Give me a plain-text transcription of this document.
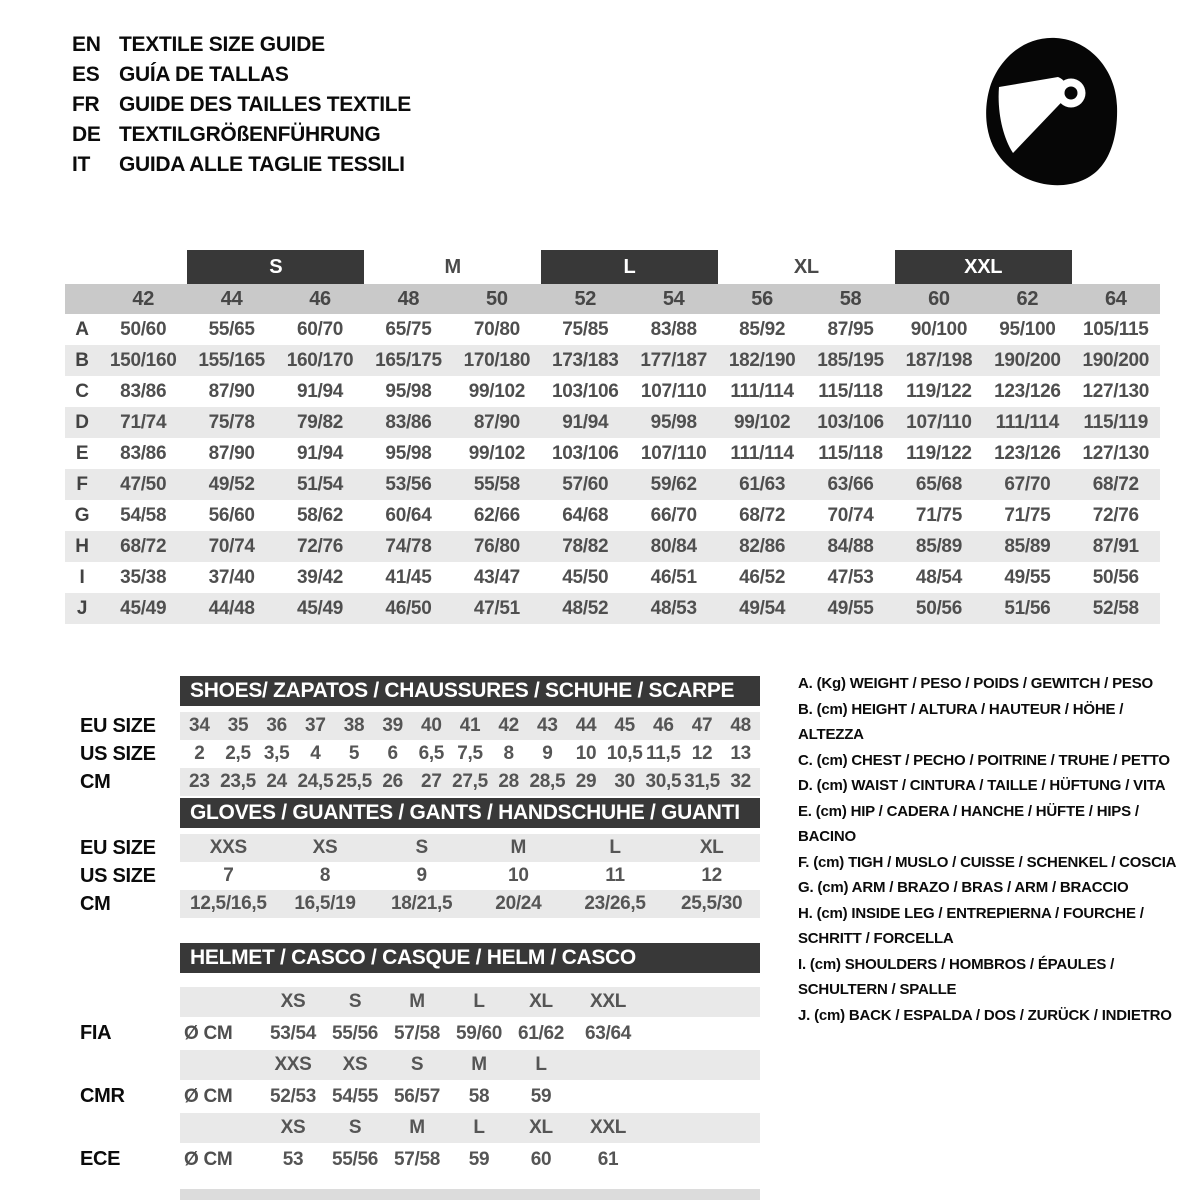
EN TEXTILE SIZE GUIDE
ES GUÍA DE TALLAS
FR GUIDE DES TAILLES TEXTILE
DE TEXTILGRÖßENFÜHRUNG
IT	GUIDA ALLE TAGLIE TESSILI
S	M	L	XL	XXL
42	44	46	48	50	52	54	56	58	60	62	64
A	50/60	55/65	60/70	65/75	70/80	75/85	83/88	85/92	87/95	90/100	95/100	105/115
B	150/160	155/165	160/170	165/175	170/180	173/183	177/187	182/190	185/195	187/198	190/200	190/200
C	83/86	87/90	91/94	95/98	99/102	103/106	107/110	111/114	115/118	119/122	123/126	127/130
D	71/74	75/78	79/82	83/86	87/90	91/94	95/98	99/102	103/106	107/110	111/114	115/119
E	83/86	87/90	91/94	95/98	99/102	103/106	107/110	111/114	115/118	119/122	123/126	127/130
F	47/50	49/52	51/54	53/56	55/58	57/60	59/62	61/63	63/66	65/68	67/70	68/72
G	54/58	56/60	58/62	60/64	62/66	64/68	66/70	68/72	70/74	71/75	71/75	72/76
H	68/72	70/74	72/76	74/78	76/80	78/82	80/84	82/86	84/88	85/89	85/89	87/91
I	35/38	37/40	39/42	41/45	43/47	45/50	46/51	46/52	47/53	48/54	49/55	50/56
J	45/49	44/48	45/49	46/50	47/51	48/52	48/53	49/54	49/55	50/56	51/56	52/58
SHOES/ ZAPATOS / CHAUSSURES / SCHUHE / SCARPE
EU SIZE	34 35 36 37 38 39 40 41 42 43 44 45 46 47 48
US SIZE	2	2,5 3,5	4	5	6	6,5 7,5	8	9	10 10,5 11,5 12 13
CM	23 23,5 24 24,5 25,5 26 27 27,5 28 28,5 29 30 30,5 31,5 32
GLOVES / GUANTES / GANTS / HANDSCHUHE / GUANTI
EU SIZE	XXS	XS	S	M	L	XL
US SIZE	7	8	9	10	11	12
CM	12,5/16,5	16,5/19	18/21,5	20/24	23/26,5	25,5/30
HELMET / CASCO / CASQUE / HELM / CASCO
XS	S	M	L	XL	XXL
FIA	Ø CM	53/54 55/56 57/58 59/60 61/62	63/64
XXS	XS	S	M	L
CMR	Ø CM	52/53 54/55 56/57	58	59
XS	S	M	L	XL	XXL
ECE	Ø CM	53	55/56 57/58	59	60	61
A. (Kg) WEIGHT / PESO / POIDS / GEWITCH / PESO
B. (cm) HEIGHT / ALTURA / HAUTEUR / HÖHE / ALTEZZA
C. (cm) CHEST / PECHO / POITRINE / TRUHE / PETTO
D. (cm) WAIST / CINTURA / TAILLE / HÜFTUNG / VITA
E. (cm) HIP / CADERA / HANCHE / HÜFTE / HIPS / BACINO
F. (cm) TIGH / MUSLO / CUISSE / SCHENKEL / COSCIA
G. (cm) ARM / BRAZO / BRAS / ARM / BRACCIO
H. (cm) INSIDE LEG / ENTREPIERNA / FOURCHE / SCHRITT / FORCELLA
I. (cm) SHOULDERS / HOMBROS / ÉPAULES / SCHULTERN / SPALLE
J. (cm) BACK / ESPALDA / DOS / ZURÜCK / INDIETRO
